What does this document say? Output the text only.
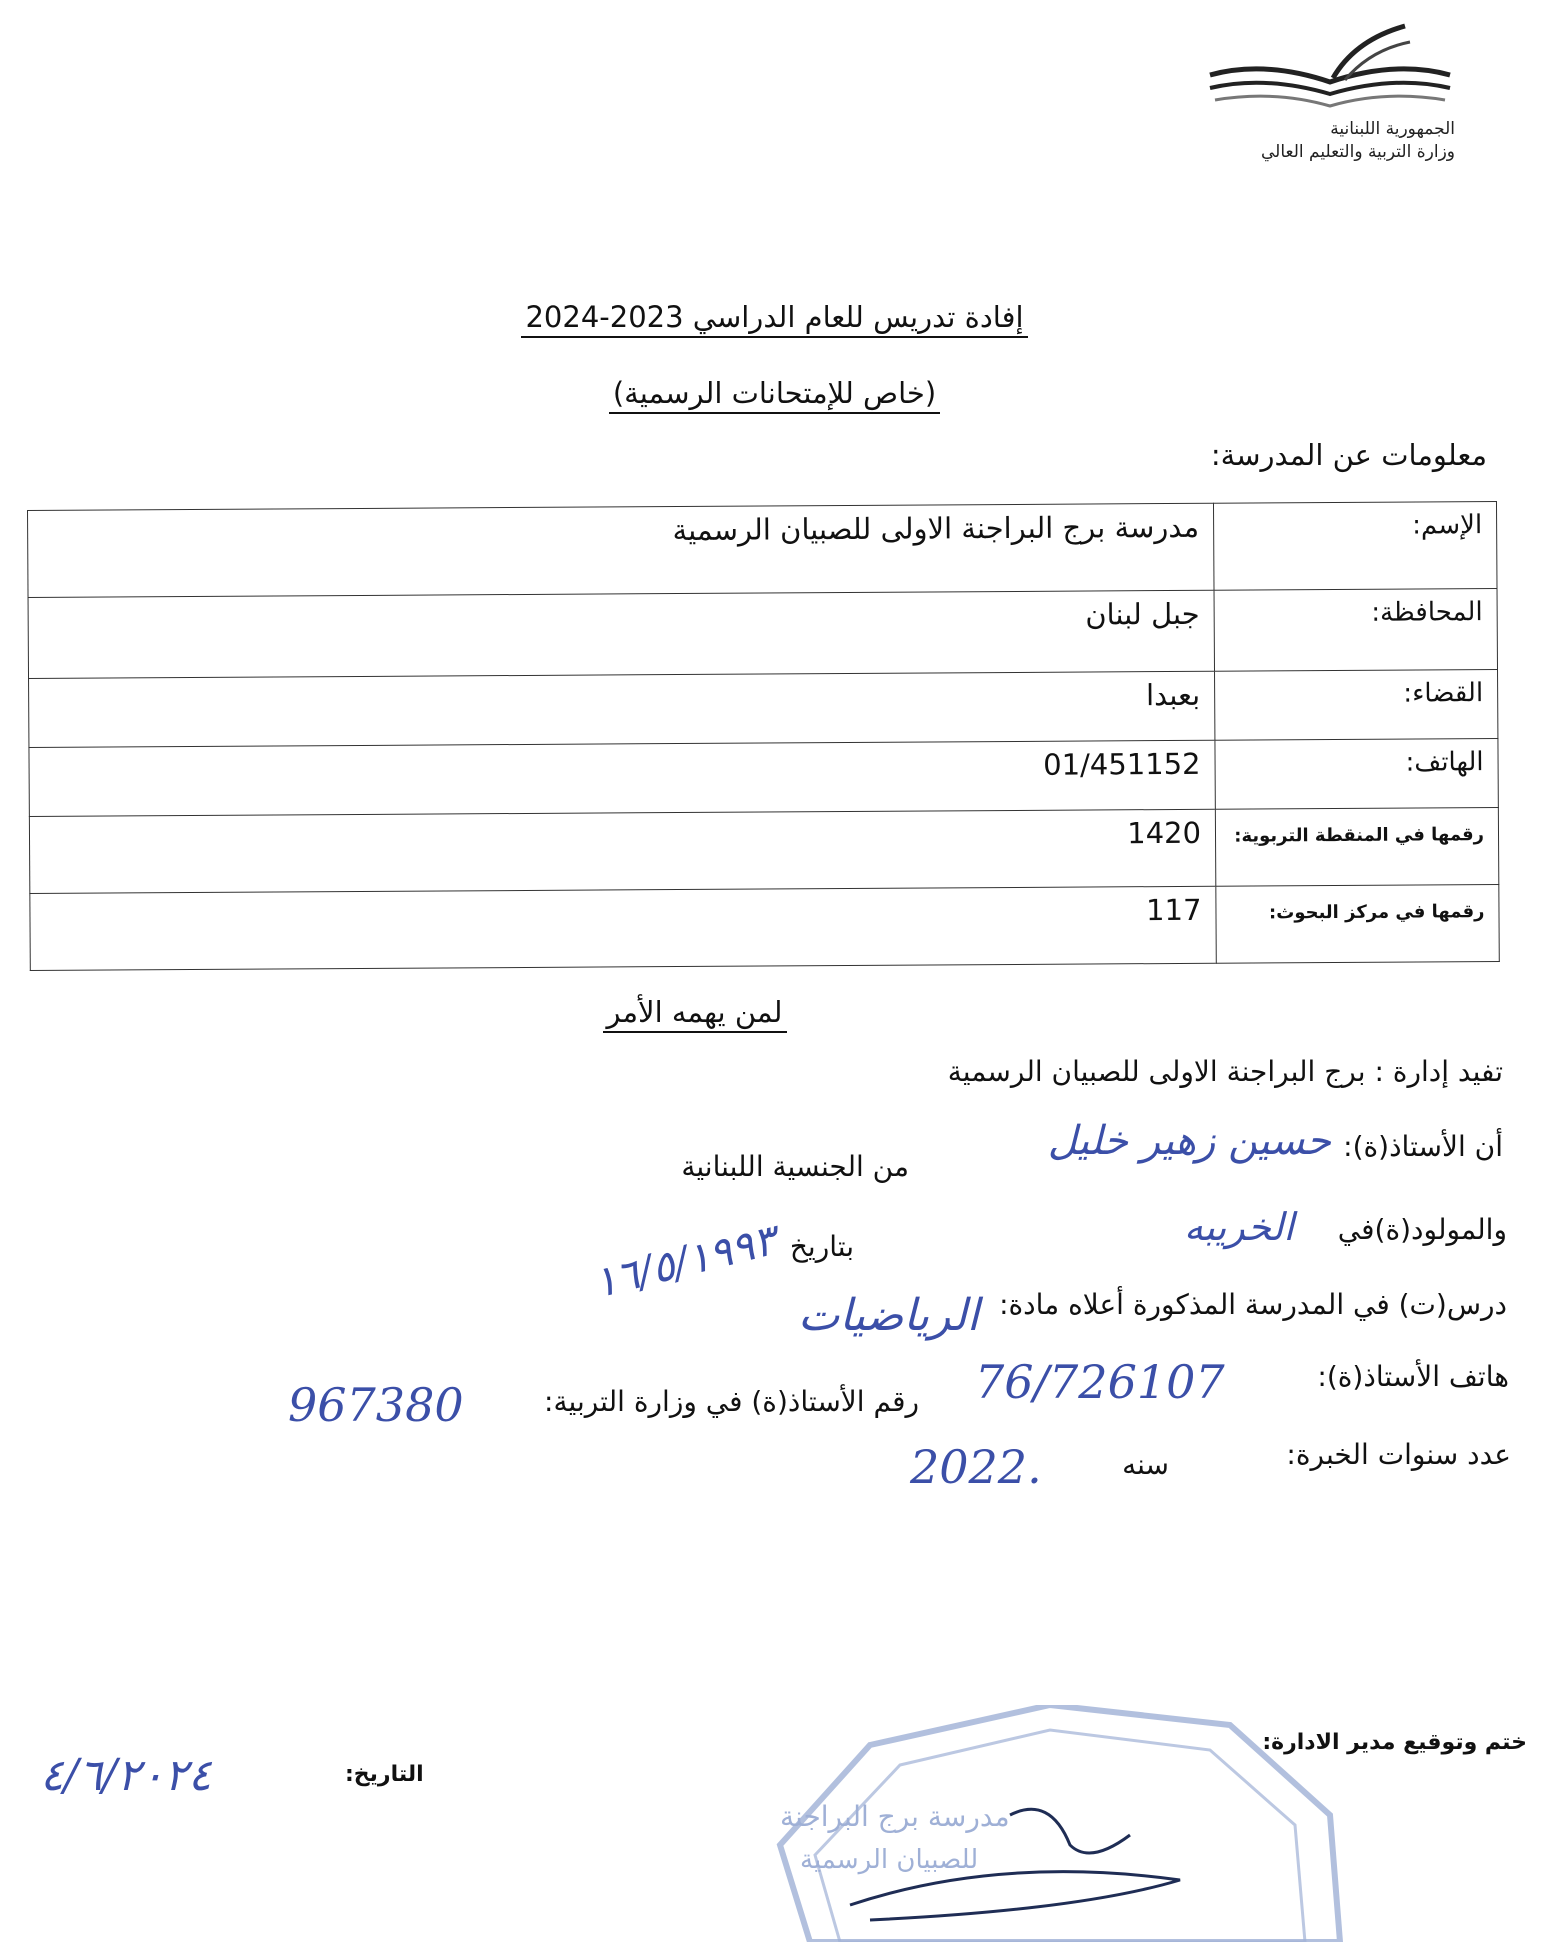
الجمهورية اللبنانية
وزارة التربية والتعليم العالي
إفادة تدريس للعام الدراسي 2023-2024
(خاص للإمتحانات الرسمية)
معلومات عن المدرسة:
الإسم:	مدرسة برج البراجنة الاولى للصبيان الرسمية
المحافظة:	جبل لبنان
القضاء:	بعبدا
الهاتف:	01/451152
رقمها في المنقطة التربوية:	1420
رقمها في مركز البحوث:	117
لمن يهمه الأمر
تفيد إدارة : برج البراجنة الاولى للصبيان الرسمية
أن الأستاذ(ة):
حسين زهير خليل
من الجنسية اللبنانية
والمولود(ة)في
الخريبه
بتاريخ
١٦/٥/١٩٩٣	درس(ت) في المدرسة المذكورة أعلاه مادة:
الرياضيات
هاتف الأستاذ(ة):
76/726107
رقم الأستاذ(ة) في وزارة التربية:
967380
عدد سنوات الخبرة:
سنه
2022.
ختم وتوقيع مدير الادارة:
التاريخ:
٤/٦/٢٠٢٤
مدرسة برج البراجنة
للصبيان الرسمية
